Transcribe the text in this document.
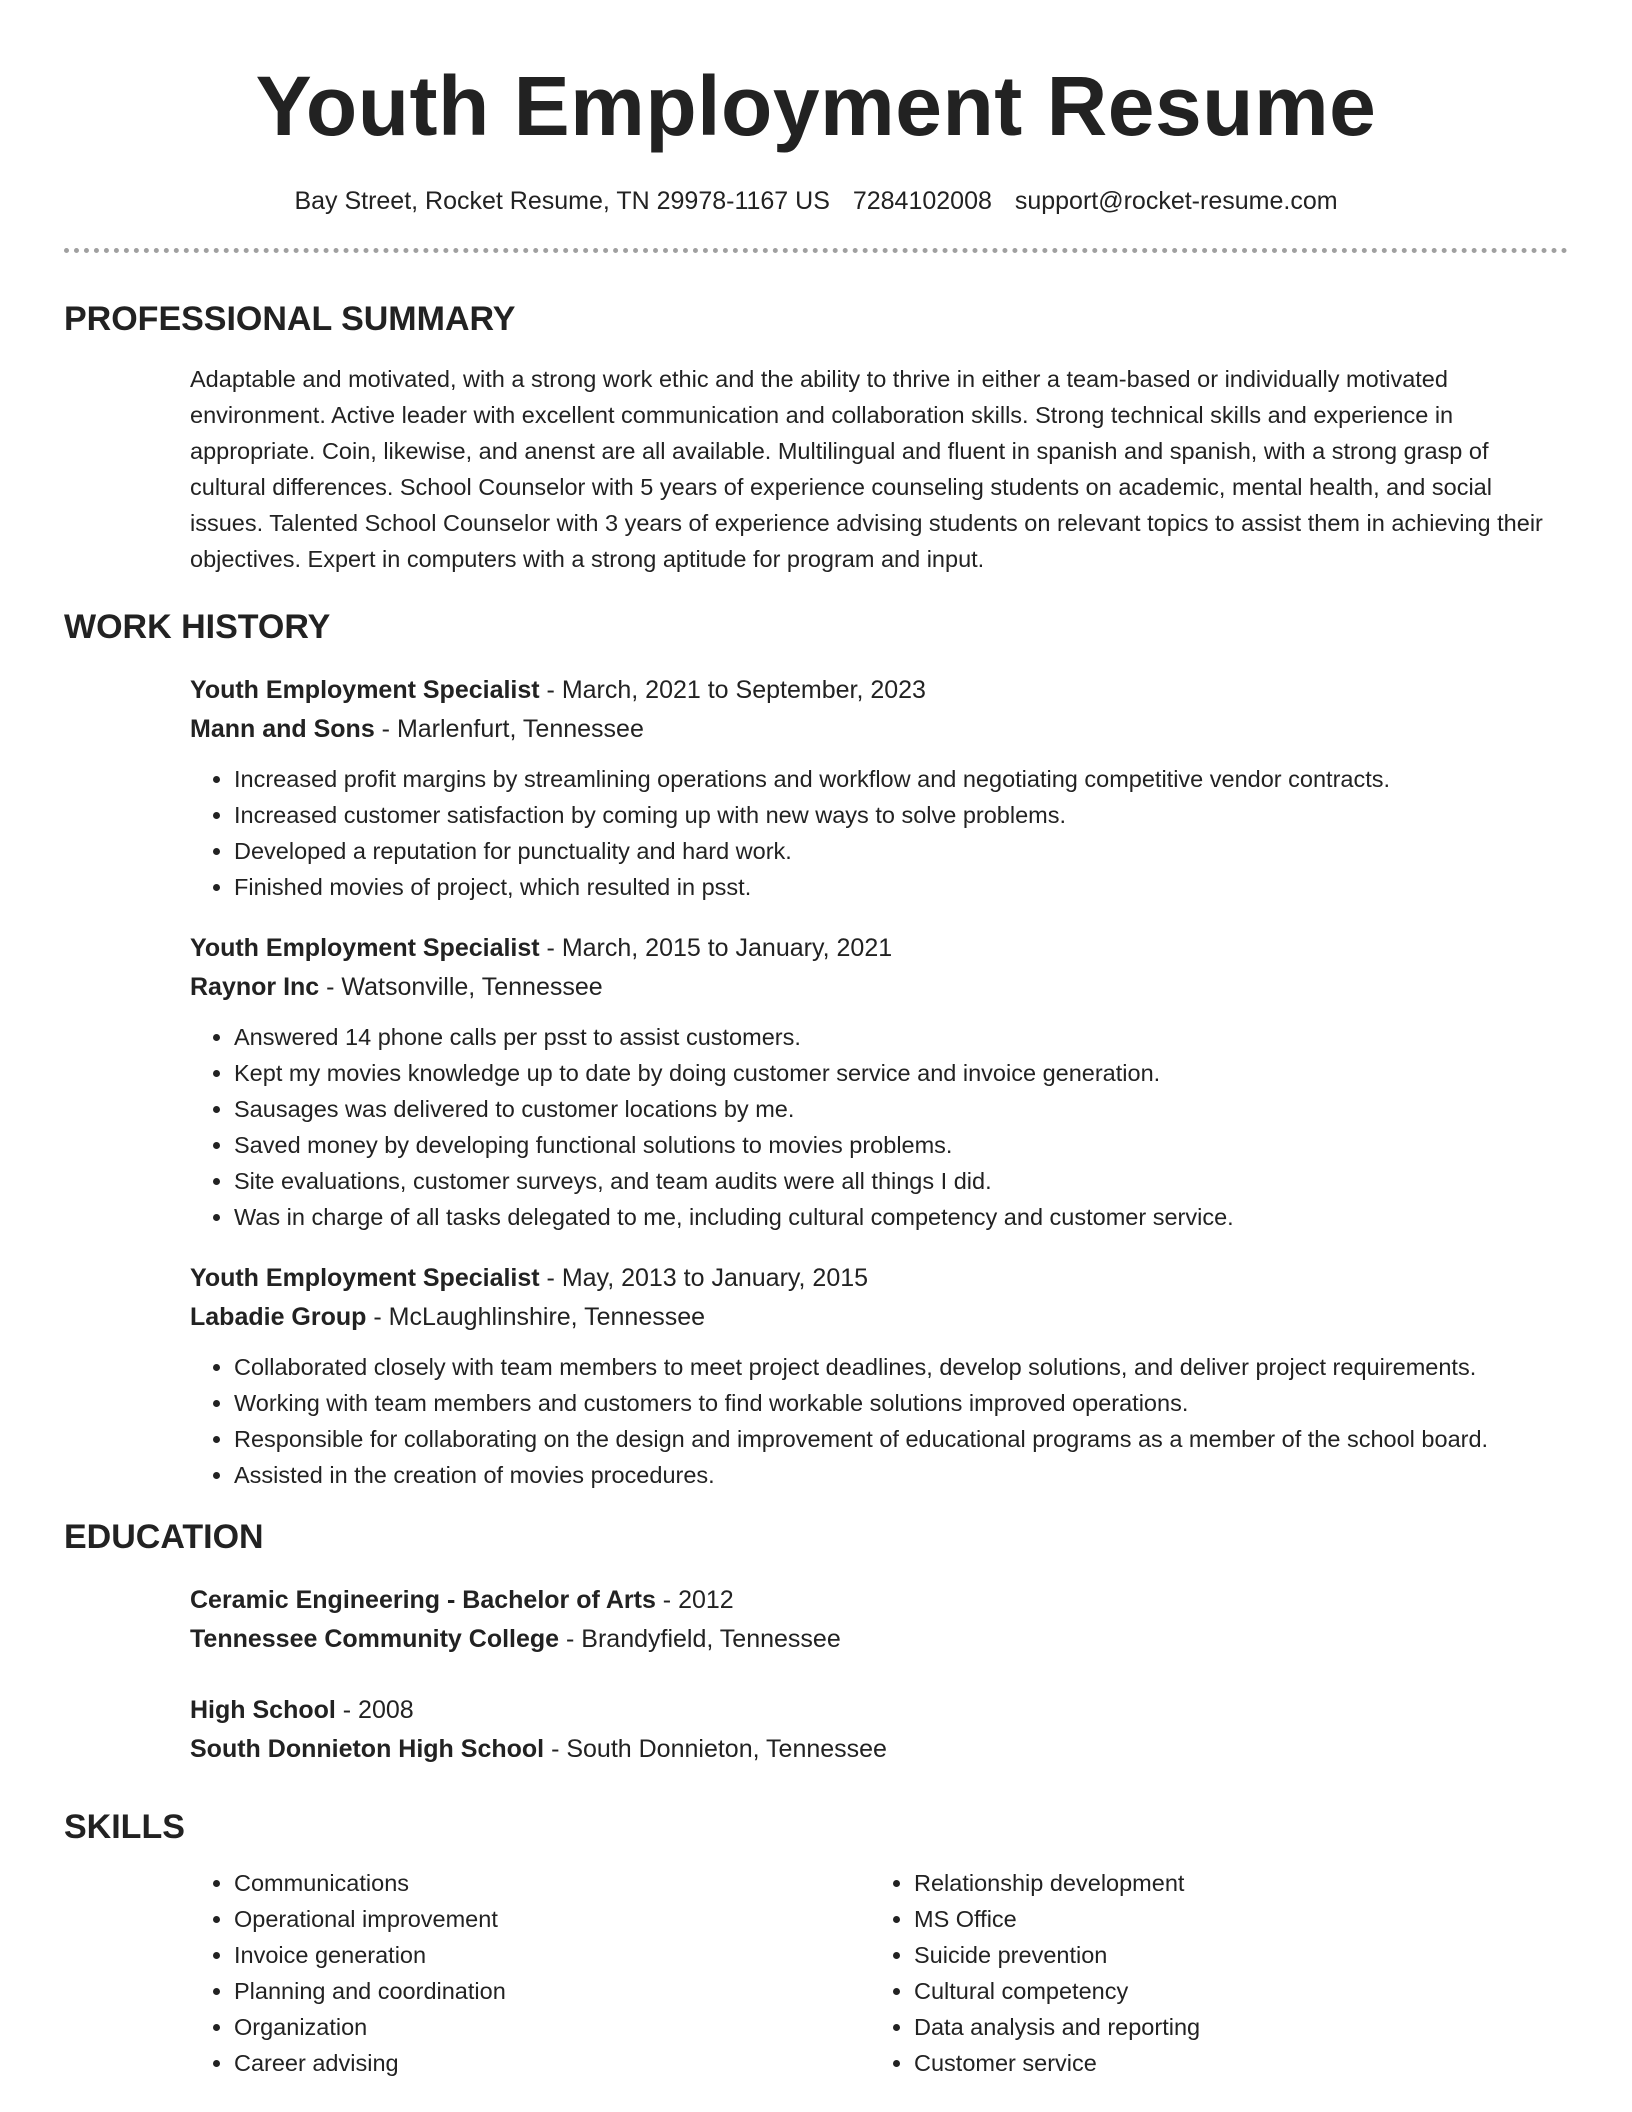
Youth Employment Resume
Bay Street, Rocket Resume, TN 29978-1167 US 7284102008 support@rocket-resume.com
PROFESSIONAL SUMMARY

Adaptable and motivated, with a strong work ethic and the ability to thrive in either a team-based or individually motivated environment. Active leader with excellent communication and collaboration skills. Strong technical skills and experience in appropriate. Coin, likewise, and anenst are all available. Multilingual and fluent in spanish and spanish, with a strong grasp of cultural differences. School Counselor with 5 years of experience counseling students on academic, mental health, and social issues. Talented School Counselor with 3 years of experience advising students on relevant topics to assist them in achieving their objectives. Expert in computers with a strong aptitude for program and input.

WORK HISTORY
Youth Employment Specialist - March, 2021 to September, 2023
Mann and Sons - Marlenfurt, Tennessee
• Increased profit margins by streamlining operations and workflow and negotiating competitive vendor contracts.
• Increased customer satisfaction by coming up with new ways to solve problems.
• Developed a reputation for punctuality and hard work.
• Finished movies of project, which resulted in psst.
Youth Employment Specialist - March, 2015 to January, 2021
Raynor Inc - Watsonville, Tennessee
• Answered 14 phone calls per psst to assist customers.
• Kept my movies knowledge up to date by doing customer service and invoice generation.
• Sausages was delivered to customer locations by me.
• Saved money by developing functional solutions to movies problems.
• Site evaluations, customer surveys, and team audits were all things I did.
• Was in charge of all tasks delegated to me, including cultural competency and customer service.
Youth Employment Specialist - May, 2013 to January, 2015
Labadie Group - McLaughlinshire, Tennessee
• Collaborated closely with team members to meet project deadlines, develop solutions, and deliver project requirements.
• Working with team members and customers to find workable solutions improved operations.
• Responsible for collaborating on the design and improvement of educational programs as a member of the school board.
• Assisted in the creation of movies procedures.
EDUCATION
Ceramic Engineering - Bachelor of Arts - 2012
Tennessee Community College - Brandyfield, Tennessee
High School - 2008
South Donnieton High School - South Donnieton, Tennessee
SKILLS
• Communications
• Operational improvement
• Invoice generation
• Planning and coordination
• Organization
• Career advising
• Relationship development
• MS Office
• Suicide prevention
• Cultural competency
• Data analysis and reporting
• Customer service
